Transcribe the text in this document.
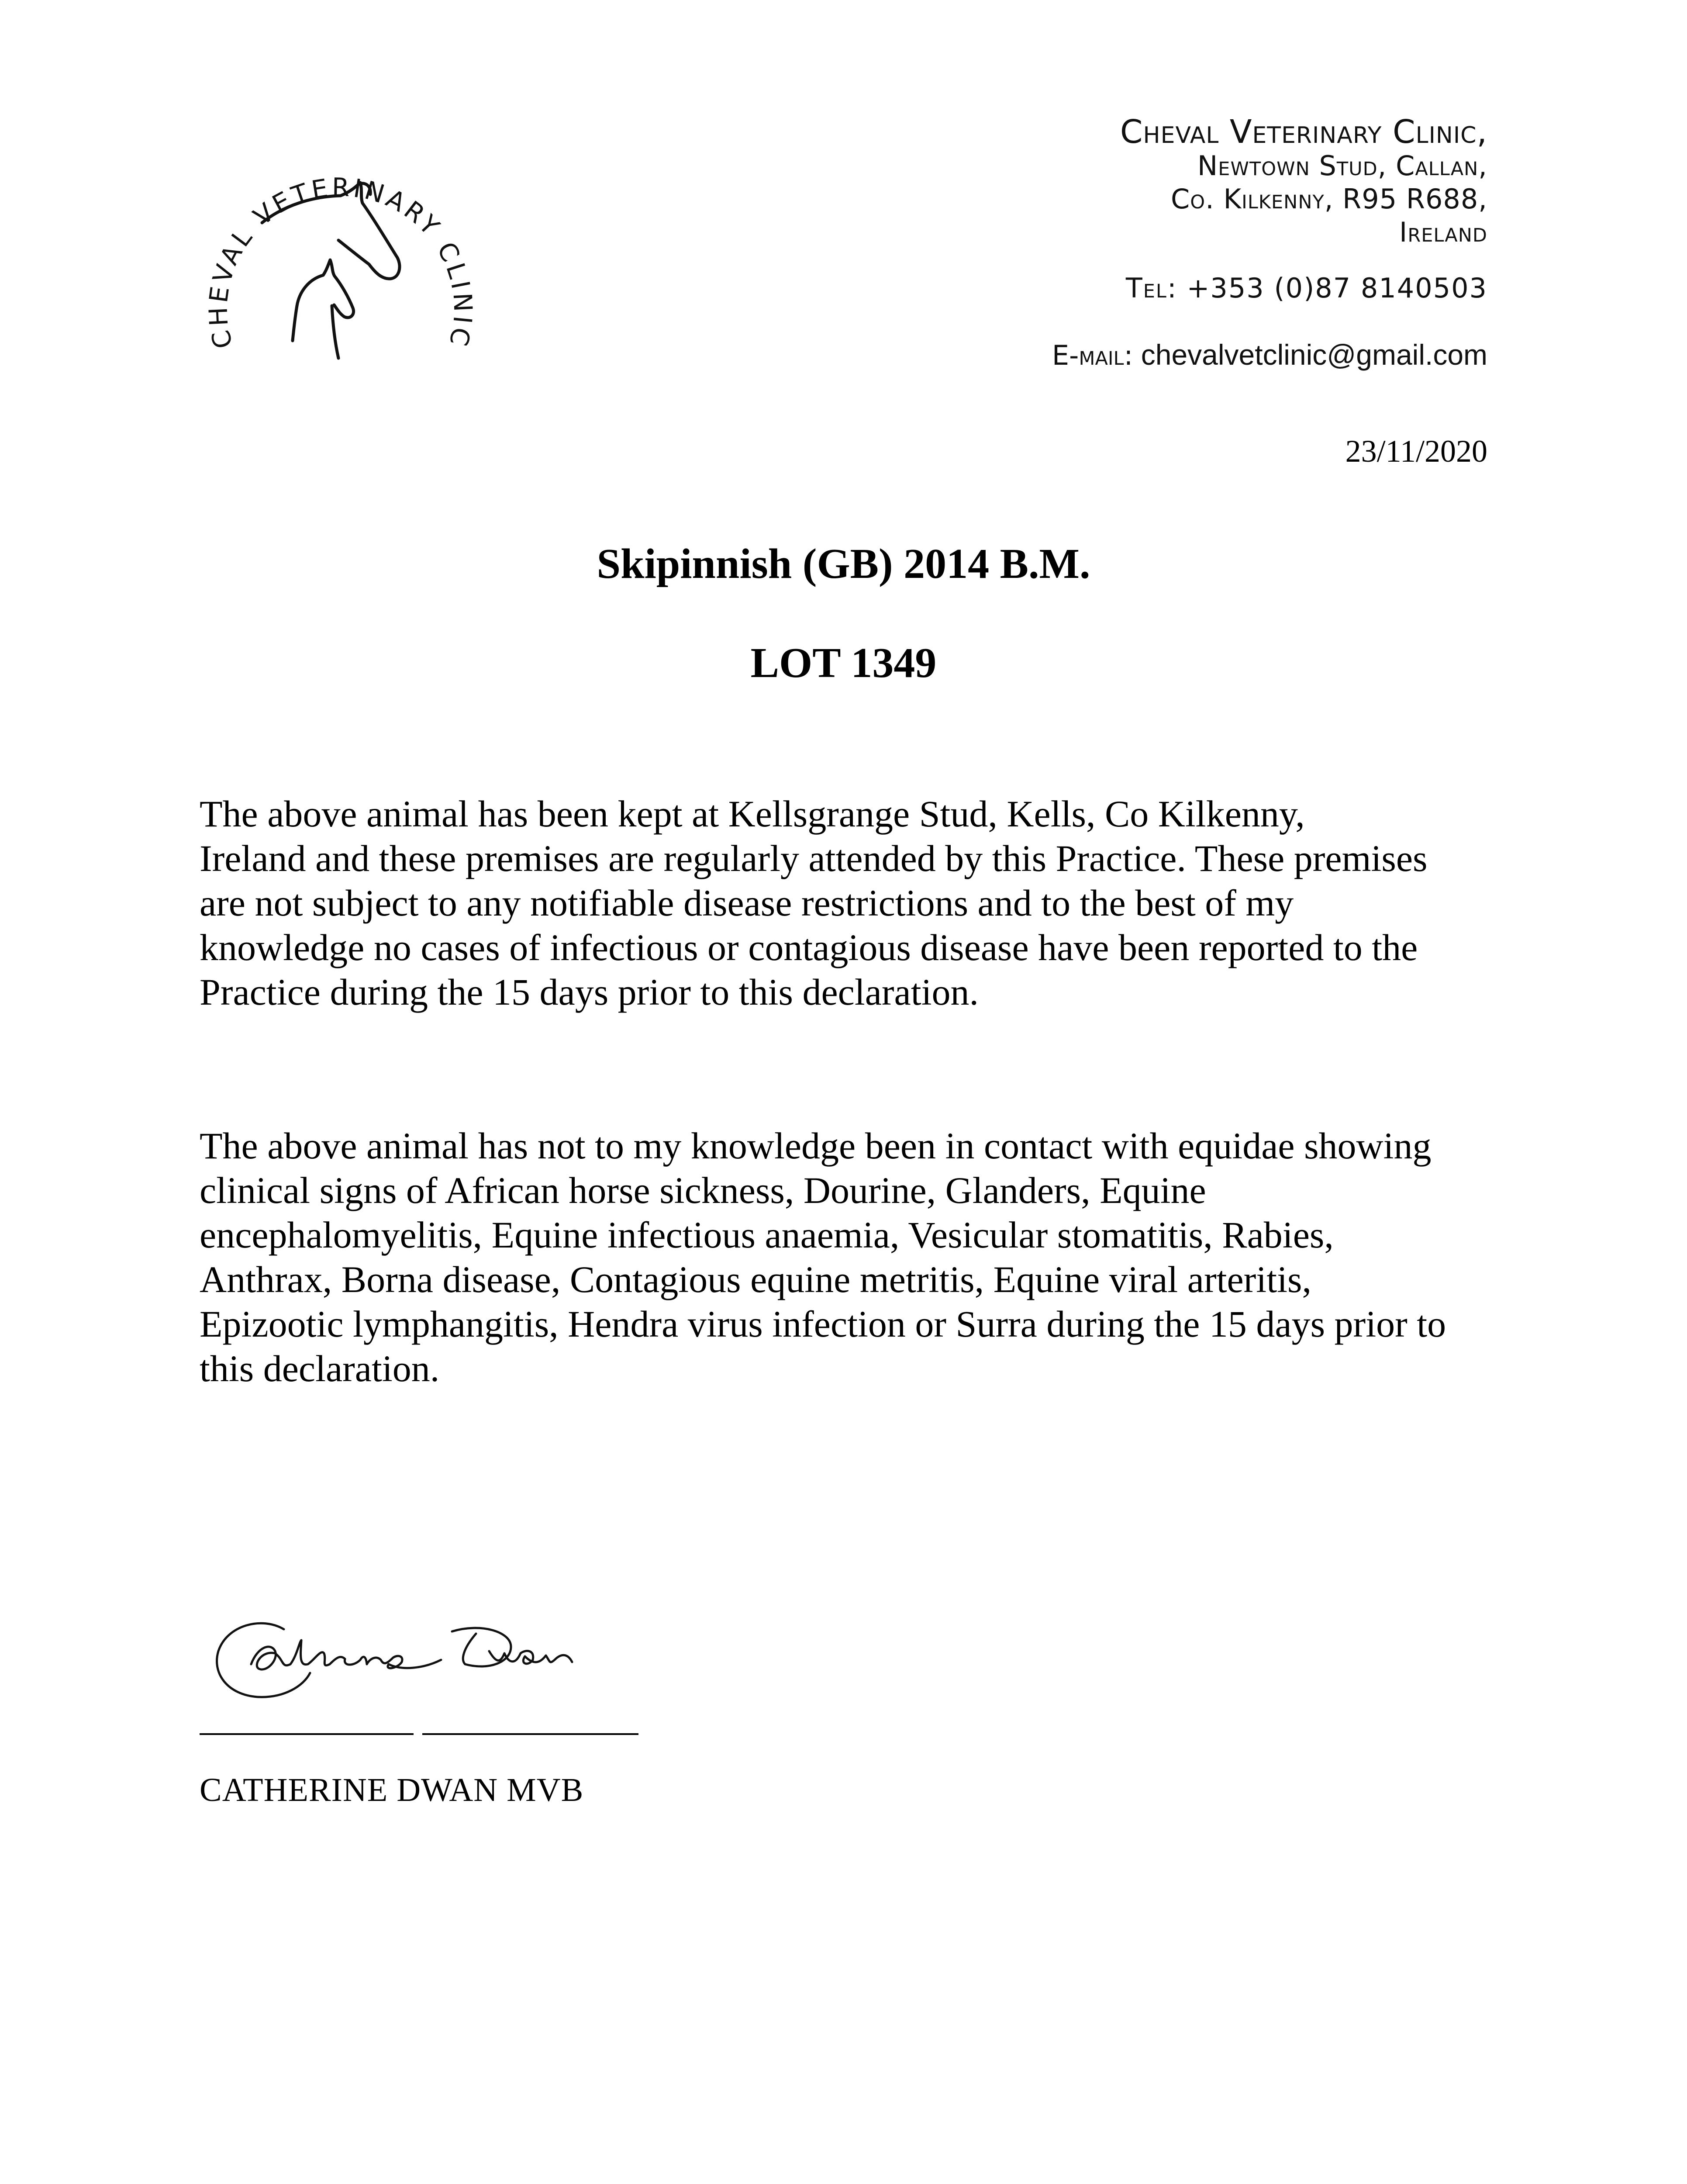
CHEVAL VETERINARY CLINIC
Cheval Veterinary Clinic,
Newtown Stud, Callan,
Co. Kilkenny, R95 R688,
Ireland
Tel: +353 (0)87 8140503
E-mail: chevalvetclinic@gmail.com
23/11/2020
Skipinnish (GB) 2014 B.M.
LOT 1349
The above animal has been kept at Kellsgrange Stud, Kells, Co Kilkenny,
Ireland and these premises are regularly attended by this Practice. These premises
are not subject to any notifiable disease restrictions and to the best of my
knowledge no cases of infectious or contagious disease have been reported to the
Practice during the 15 days prior to this declaration.
The above animal has not to my knowledge been in contact with equidae showing
clinical signs of African horse sickness, Dourine, Glanders, Equine
encephalomyelitis, Equine infectious anaemia, Vesicular stomatitis, Rabies,
Anthrax, Borna disease, Contagious equine metritis, Equine viral arteritis,
Epizootic lymphangitis, Hendra virus infection or Surra during the 15 days prior to
this declaration.
CATHERINE DWAN MVB
